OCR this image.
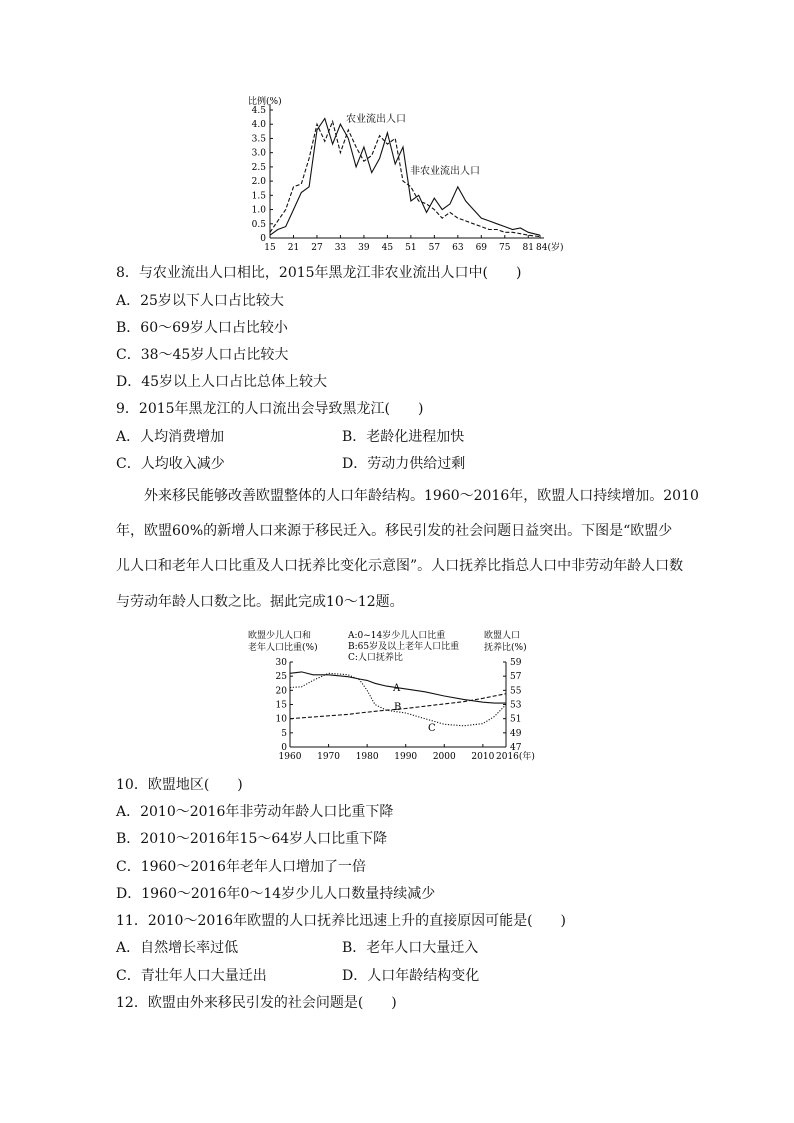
比例(%)
0
0.5
1.0
1.5
2.0
2.5
3.0
3.5
4.0
4.5
15 21 27 33 39 45 51 57 63 69 75 81 84(岁)
农业流出人口
非农业流出人口
8．与农业流出人口相比，2015年黑龙江非农业流出人口中(　　)
A．25岁以下人口占比较大
B．60～69岁人口占比较小
C．38～45岁人口占比较大
D．45岁以上人口占比总体上较大
9．2015年黑龙江的人口流出会导致黑龙江(　　)
A．人均消费增加	B．老龄化进程加快
C．人均收入减少	D．劳动力供给过剩
外来移民能够改善欧盟整体的人口年龄结构。1960～2016年，欧盟人口持续增加。2010
年，欧盟60%的新增人口来源于移民迁入。移民引发的社会问题日益突出。下图是“欧盟少
儿人口和老年人口比重及人口抚养比变化示意图”。人口抚养比指总人口中非劳动年龄人口数
与劳动年龄人口数之比。据此完成10～12题。
欧盟少儿人口和
老年人口比重(%)
欧盟人口
抚养比(%)
A:0~14岁少儿人口比重
B:65岁及以上老年人口比重
C:人口抚养比
0
5
10
15
20
25
30
47
49
51
53
55
57
59
1960 1970 1980 1990 2000 2010 2016(年)
A
B
C
10．欧盟地区(　　)
A．2010～2016年非劳动年龄人口比重下降
B．2010～2016年15～64岁人口比重下降
C．1960～2016年老年人口增加了一倍
D．1960～2016年0～14岁少儿人口数量持续减少
11．2010～2016年欧盟的人口抚养比迅速上升的直接原因可能是(　　)
A．自然增长率过低	B．老年人口大量迁入
C．青壮年人口大量迁出	D．人口年龄结构变化
12．欧盟由外来移民引发的社会问题是(　　)
